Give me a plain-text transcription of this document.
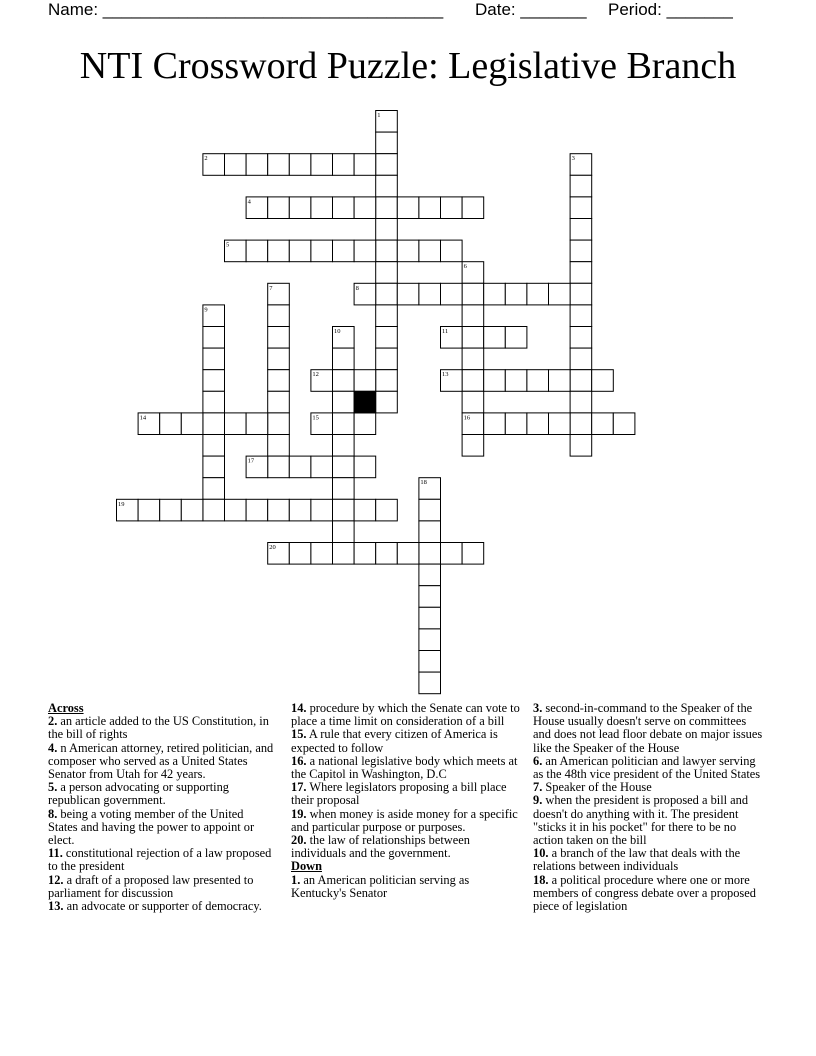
Name: ____________________________________ Date: _______ Period: _______
NTI Crossword Puzzle: Legislative Branch
1
2	3
4
5
6
7	8
9
10	11
12	13
14	15	16
17
18
19
20
Across
2. an article added to the US Constitution, in the bill of rights
4. n American attorney, retired politician, and composer who served as a United States Senator from Utah for 42 years.
5. a person advocating or supporting republican government.
8. being a voting member of the United States and having the power to appoint or elect.
11. constitutional rejection of a law proposed to the president
12. a draft of a proposed law presented to parliament for discussion
13. an advocate or supporter of democracy.
14. procedure by which the Senate can vote to place a time limit on consideration of a bill
15. A rule that every citizen of America is expected to follow
16. a national legislative body which meets at the Capitol in Washington, D.C
17. Where legislators proposing a bill place their proposal
19. when money is aside money for a specific and particular purpose or purposes.
20. the law of relationships between individuals and the government.
Down
1. an American politician serving as Kentucky's Senator
3. second-in-command to the Speaker of the House usually doesn't serve on committees and does not lead floor debate on major issues like the Speaker of the House
6. an American politician and lawyer serving as the 48th vice president of the United States
7. Speaker of the House
9. when the president is proposed a bill and doesn't do anything with it. The president "sticks it in his pocket" for there to be no action taken on the bill
10. a branch of the law that deals with the relations between individuals
18. a political procedure where one or more members of congress debate over a proposed piece of legislation
